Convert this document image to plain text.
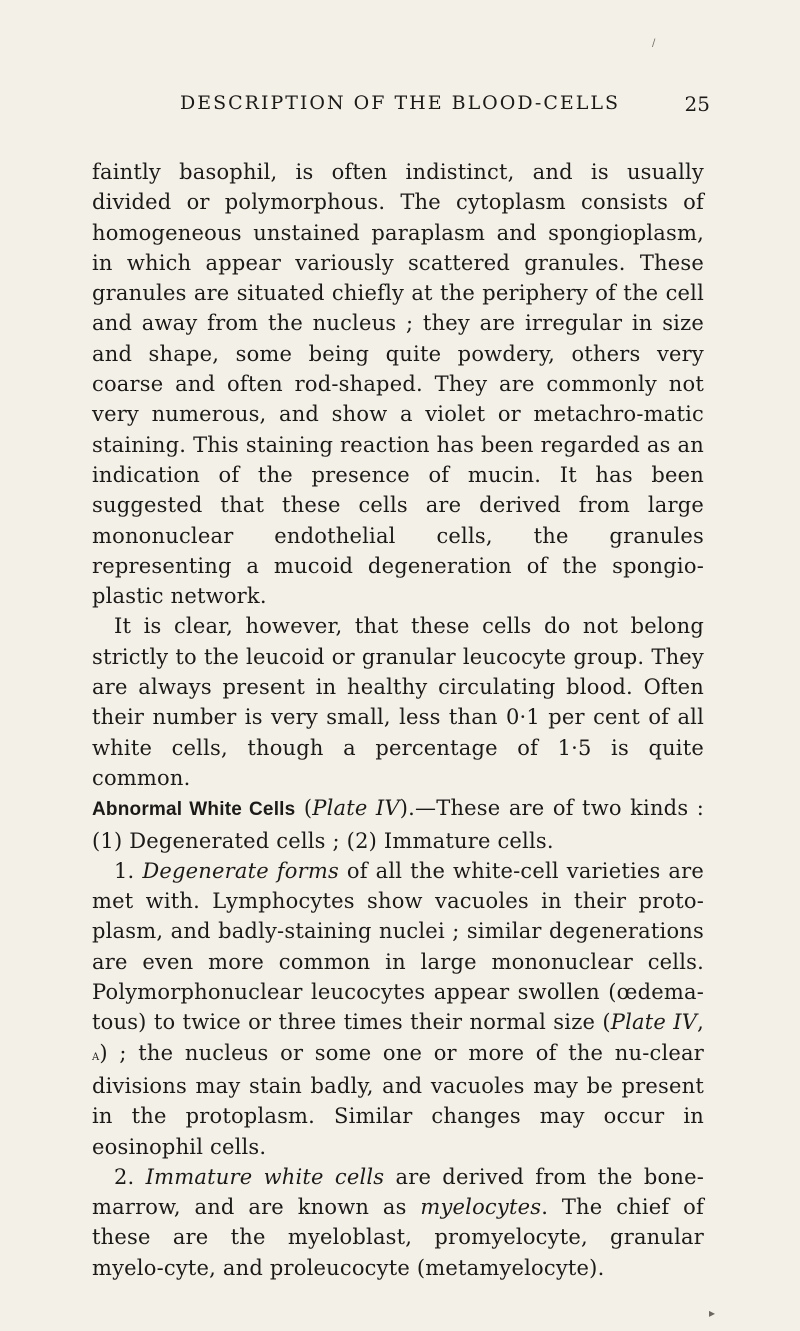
DESCRIPTION OF THE BLOOD-CELLS	25
/

faintly basophil, is often indistinct, and is usually divided or polymorphous. The cytoplasm consists of homogeneous unstained paraplasm and spongioplasm, in which appear variously scattered granules. These granules are situated chiefly at the periphery of the cell and away from the nucleus ; they are irregular in size and shape, some being quite powdery, others very coarse and often rod-shaped. They are commonly not very numerous, and show a violet or metachro-matic staining. This staining reaction has been regarded as an indication of the presence of mucin. It has been suggested that these cells are derived from large mononuclear endothelial cells, the granules representing a mucoid degeneration of the spongio-plastic network.

It is clear, however, that these cells do not belong strictly to the leucoid or granular leucocyte group. They are always present in healthy circulating blood. Often their number is very small, less than 0·1 per cent of all white cells, though a percentage of 1·5 is quite common.

Abnormal White Cells (Plate IV).—These are of two kinds : (1) Degenerated cells ; (2) Immature cells.

1. Degenerate forms of all the white-cell varieties are met with. Lymphocytes show vacuoles in their proto-plasm, and badly-staining nuclei ; similar degenerations are even more common in large mononuclear cells. Polymorphonuclear leucocytes appear swollen (œdema-tous) to twice or three times their normal size (Plate IV, a) ; the nucleus or some one or more of the nu-clear divisions may stain badly, and vacuoles may be present in the protoplasm. Similar changes may occur in eosinophil cells.

2. Immature white cells are derived from the bone-marrow, and are known as myelocytes. The chief of these are the myeloblast, promyelocyte, granular myelo-cyte, and proleucocyte (metamyelocyte).

▸
